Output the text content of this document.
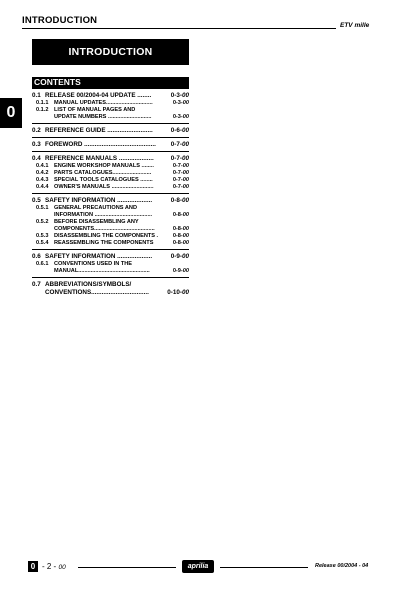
INTRODUCTION	ETV mille
0
INTRODUCTION
CONTENTS
0.1 RELEASE 00/2004-04 UPDATE ........	0-3-00
0.1.1 MANUAL UPDATES..............................	0-3-00
0.1.2 LIST OF MANUAL PAGES AND
UPDATE NUMBERS ............................	0-3-00
0.2 REFERENCE GUIDE ..........................	0-6-00
0.3 FOREWORD ......................................... 0-7-00
0.4 REFERENCE MANUALS ....................	0-7-00
0.4.1 ENGINE WORKSHOP MANUALS ........	0-7-00
0.4.2 PARTS CATALOGUES.........................	0-7-00
0.4.3 SPECIAL TOOLS CATALOGUES ........	0-7-00
0.4.4 OWNER'S MANUALS ...........................	0-7-00
0.5 SAFETY INFORMATION ....................	0-8-00
0.5.1 GENERAL PRECAUTIONS AND
INFORMATION .....................................	0-8-00
0.5.2 BEFORE DISASSEMBLING ANY
COMPONENTS.......................................	0-8-00
0.5.3 DISASSEMBLING THE COMPONENTS .	0-8-00
0.5.4 REASSEMBLING THE COMPONENTS	0-8-00
0.6 SAFETY INFORMATION ....................	0-9-00
0.6.1 CONVENTIONS USED IN THE
MANUAL..............................................	0-9-00
0.7 ABBREVIATIONS/SYMBOLS/
CONVENTIONS.................................	0-10-00
0 - 2 - 00	aprilia	Release 00/2004 - 04
